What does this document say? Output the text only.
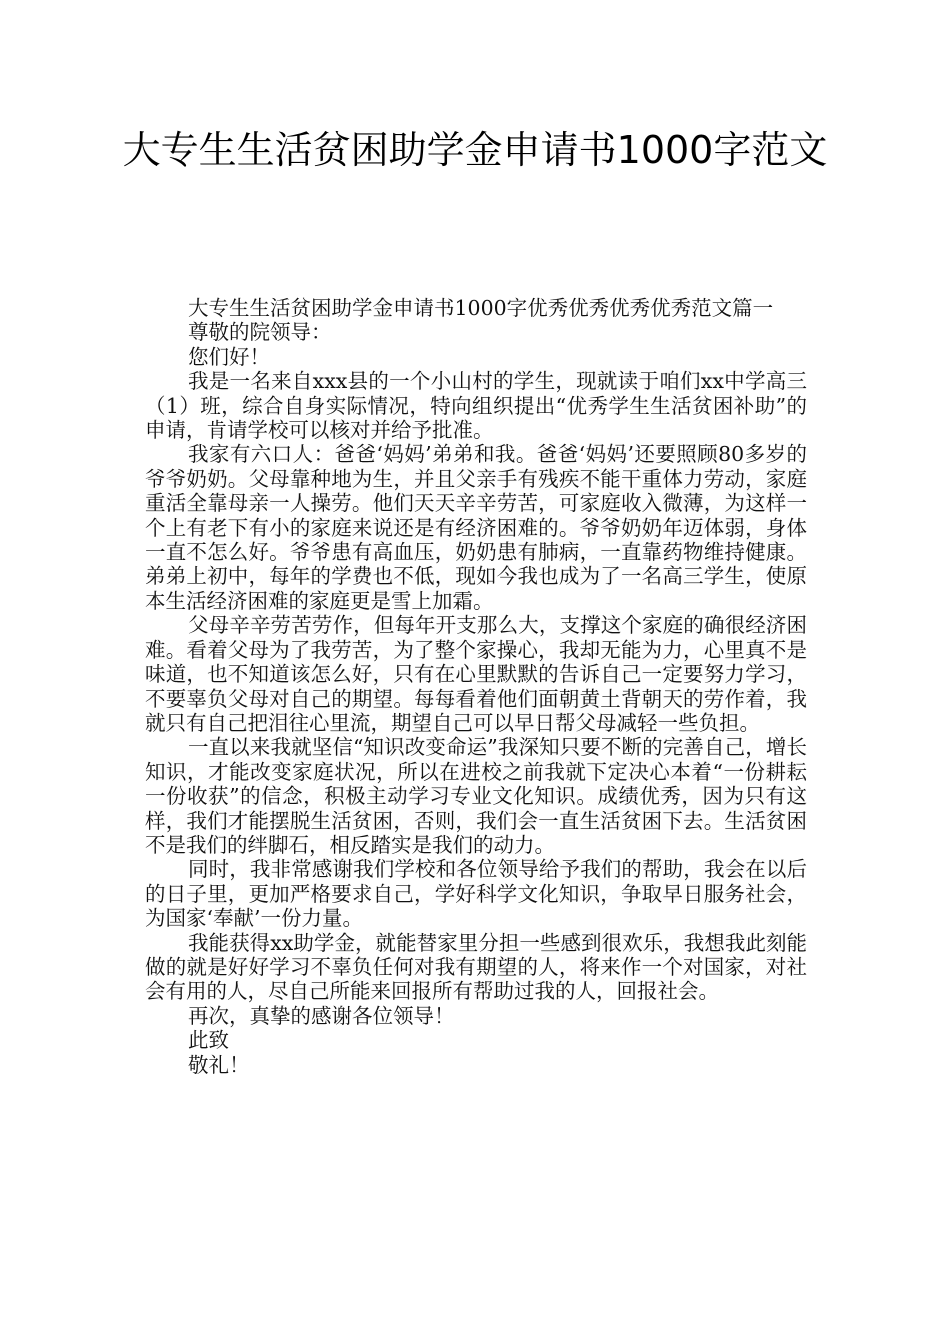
大专生生活贫困助学金申请书1000字范文

大专生生活贫困助学金申请书1000字优秀优秀优秀优秀范文篇一

尊敬的院领导：

您们好！

我是一名来自xxx县的一个小山村的学生，现就读于咱们xx中学高三（1）班，综合自身实际情况，特向组织提出“优秀学生生活贫困补助”的申请，肯请学校可以核对并给予批准。

我家有六口人：爸爸‘妈妈’弟弟和我。爸爸‘妈妈’还要照顾80多岁的爷爷奶奶。父母靠种地为生，并且父亲手有残疾不能干重体力劳动，家庭重活全靠母亲一人操劳。他们天天辛辛劳苦，可家庭收入微薄，为这样一个上有老下有小的家庭来说还是有经济困难的。爷爷奶奶年迈体弱，身体一直不怎么好。爷爷患有高血压，奶奶患有肺病，一直靠药物维持健康。弟弟上初中，每年的学费也不低，现如今我也成为了一名高三学生，使原本生活经济困难的家庭更是雪上加霜。

父母辛辛劳苦劳作，但每年开支那么大，支撑这个家庭的确很经济困难。看着父母为了我劳苦，为了整个家操心，我却无能为力，心里真不是味道，也不知道该怎么好，只有在心里默默的告诉自己一定要努力学习，不要辜负父母对自己的期望。每每看着他们面朝黄土背朝天的劳作着，我就只有自己把泪往心里流，期望自己可以早日帮父母减轻一些负担。

一直以来我就坚信“知识改变命运”我深知只要不断的完善自己，增长知识，才能改变家庭状况，所以在进校之前我就下定决心本着“一份耕耘一份收获”的信念，积极主动学习专业文化知识。成绩优秀，因为只有这样，我们才能摆脱生活贫困，否则，我们会一直生活贫困下去。生活贫困不是我们的绊脚石，相反踏实是我们的动力。

同时，我非常感谢我们学校和各位领导给予我们的帮助，我会在以后的日子里，更加严格要求自己，学好科学文化知识，争取早日服务社会，为国家‘奉献’一份力量。

我能获得xx助学金，就能替家里分担一些感到很欢乐，我想我此刻能做的就是好好学习不辜负任何对我有期望的人，将来作一个对国家，对社会有用的人，尽自己所能来回报所有帮助过我的人，回报社会。

再次，真挚的感谢各位领导！

此致

敬礼！
